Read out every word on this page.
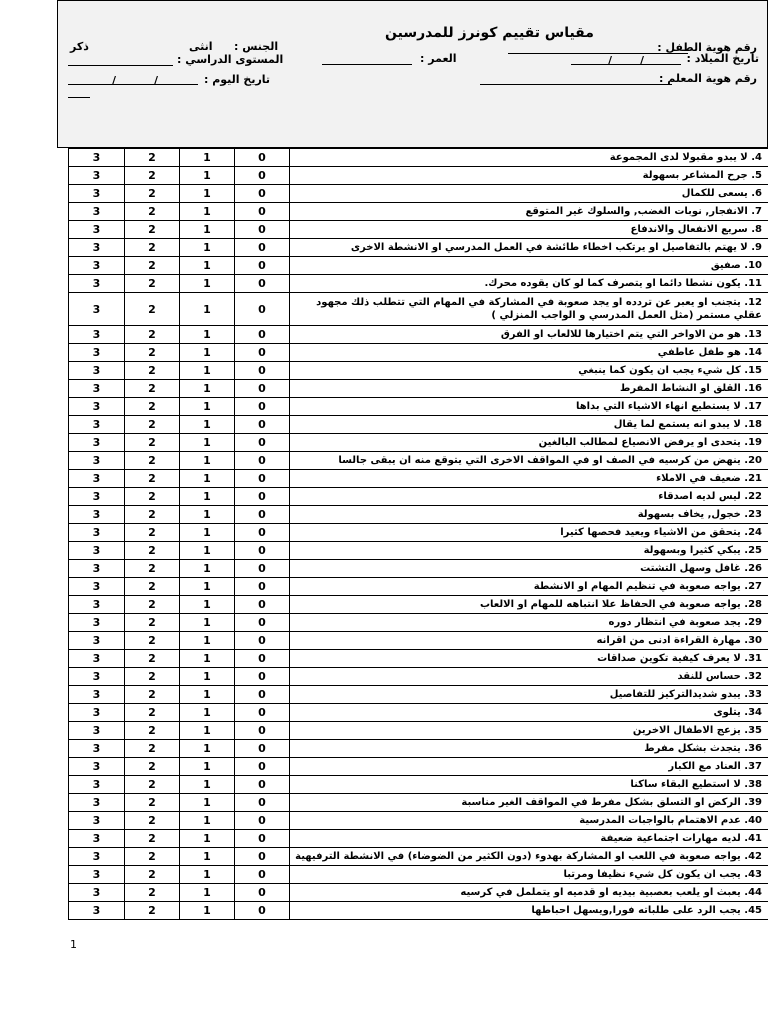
مقياس تقييم كونرز للمدرسين
رقم هوية الطفل :
الجنس :
انثى
ذكر
تاريخ الميلاد :
/
/
العمر :
المستوى الدراسي :
رقم هوية المعلم :
تاريخ اليوم :
/
/
3	2	1	0	4. لا يبدو مقبولا لدى المجموعة
3	2	1	0	5. جرح المشاعر بسهولة
3	2	1	0	6. يسعى للكمال
3	2	1	0	7. الانفجار, نوبات الغضب, والسلوك غير المتوقع
3	2	1	0	8. سريع الانفعال والاندفاع
3	2	1	0	9. لا يهتم بالتفاصيل او يرتكب اخطاء طائشة في العمل المدرسي او الانشطة الاخرى
3	2	1	0	10. صفيق
3	2	1	0	11. يكون نشطا دائما او يتصرف كما لو كان يقوده محرك.
3	2	1	0	12. يتجنب او يعبر عن تردده او يجد صعوبة في المشاركة في المهام التي تتطلب ذلك مجهود عقلي مستمر (مثل العمل المدرسي و الواجب المنزلي )
3	2	1	0	13. هو من الاواخر التي يتم اختيارها للالعاب او الفرق
3	2	1	0	14. هو طفل عاطفي
3	2	1	0	15. كل شيء يجب ان يكون كما ينبغي
3	2	1	0	16. القلق او النشاط المفرط
3	2	1	0	17. لا يستطيع انهاء الاشياء التي بداها
3	2	1	0	18. لا يبدو انه يستمع لما يقال
3	2	1	0	19. يتحدى او يرفض الانصياع لمطالب البالغين
3	2	1	0	20. ينهض من كرسيه في الصف او في المواقف الاخرى التي يتوقع منه ان يبقى جالسا
3	2	1	0	21. ضعيف في الاملاء
3	2	1	0	22. ليس لديه اصدقاء
3	2	1	0	23. خجول, يخاف بسهولة
3	2	1	0	24. يتحقق من الاشياء ويعيد فحصها كثيرا
3	2	1	0	25. يبكي كثيرا وبسهولة
3	2	1	0	26. غافل وسهل التشتت
3	2	1	0	27. يواجه صعوبة في تنظيم المهام او الانشطة
3	2	1	0	28. يواجه صعوبة في الحفاظ علا انتباهه للمهام او الالعاب
3	2	1	0	29. يجد صعوبة في انتظار دوره
3	2	1	0	30. مهارة القراءة ادنى من اقرانه
3	2	1	0	31. لا يعرف كيفية تكوين صداقات
3	2	1	0	32. حساس للنقد
3	2	1	0	33. يبدو شديدالتركيز للتفاصيل
3	2	1	0	34. يتلوى
3	2	1	0	35. يزعج الاطفال الاخرين
3	2	1	0	36. يتجدث بشكل مفرط
3	2	1	0	37. العناد مع الكبار
3	2	1	0	38. لا استطيع البقاء ساكنا
3	2	1	0	39. الركض او التسلق بشكل مفرط في المواقف الغير مناسبة
3	2	1	0	40. عدم الاهتمام بالواجبات المدرسية
3	2	1	0	41. لديه مهارات اجتماعية ضعيفة
3	2	1	0	42. يواجه صعوبة في اللعب او المشاركة بهدوء (دون الكثير من الضوضاء) في الانشطة الترفيهية
3	2	1	0	43. يجب ان يكون كل شيء نظيفا ومرتبا
3	2	1	0	44. يعبث او يلعب بعصبية بيديه او قدميه او يتململ في كرسيه
3	2	1	0	45. يجب الرد على طلباته فورا,ويسهل احباطها
1
